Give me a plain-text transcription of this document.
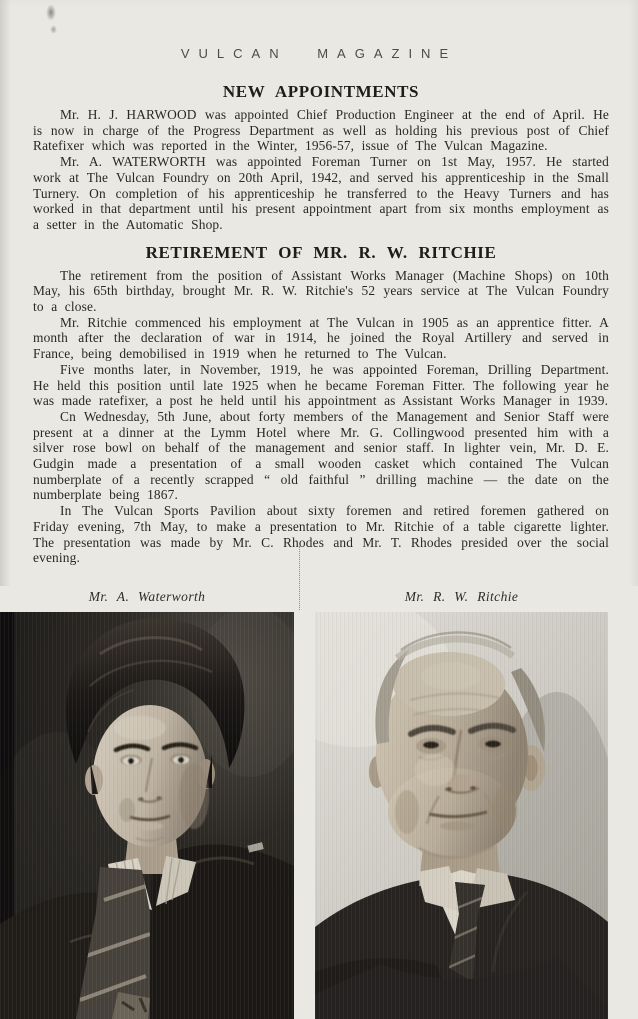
VULCAN MAGAZINE
NEW APPOINTMENTS

Mr. H. J. HARWOOD was appointed Chief Production Engineer at the end of April. He is now in charge of the Progress Department as well as holding his previous post of Chief Ratefixer which was reported in the Winter, 1956-57, issue of The Vulcan Magazine.

Mr. A. WATERWORTH was appointed Foreman Turner on 1st May, 1957. He started work at The Vulcan Foundry on 20th April, 1942, and served his apprenticeship in the Small Turnery. On completion of his apprenticeship he transferred to the Heavy Turners and has worked in that department until his present appointment apart from six months employment as a setter in the Automatic Shop.

RETIREMENT OF MR. R. W. RITCHIE

The retirement from the position of Assistant Works Manager (Machine Shops) on 10th May, his 65th birthday, brought Mr. R. W. Ritchie's 52 years service at The Vulcan Foundry to a close.

Mr. Ritchie commenced his employment at The Vulcan in 1905 as an apprentice fitter. A month after the declaration of war in 1914, he joined the Royal Artillery and served in France, being demobilised in 1919 when he returned to The Vulcan.

Five months later, in November, 1919, he was appointed Foreman, Drilling Department. He held this position until late 1925 when he became Foreman Fitter. The following year he was made ratefixer, a post he held until his appointment as Assistant Works Manager in 1939.

Cn Wednesday, 5th June, about forty members of the Management and Senior Staff were present at a dinner at the Lymm Hotel where Mr. G. Collingwood presented him with a silver rose bowl on behalf of the management and senior staff. In lighter vein, Mr. D. E. Gudgin made a presentation of a small wooden casket which contained The Vulcan numberplate of a recently scrapped “ old faithful ” drilling machine — the date on the numberplate being 1867.

In The Vulcan Sports Pavilion about sixty foremen and retired foremen gathered on Friday evening, 7th May, to make a presentation to Mr. Ritchie of a table cigarette lighter. The presentation was made by Mr. C. Rhodes and Mr. T. Rhodes presided over the social evening.

Mr. A. Waterworth	Mr. R. W. Ritchie
